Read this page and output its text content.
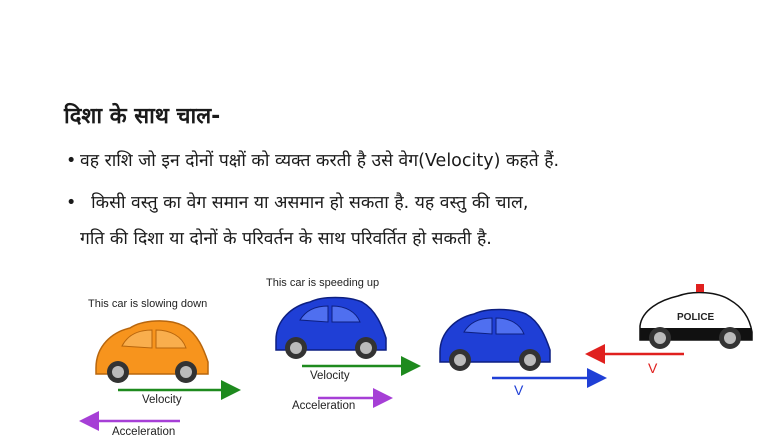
दिशा के साथ चाल-
• वह राशि जो इन दोनों पक्षों को व्यक्त करती है उसे वेग(Velocity) कहते हैं.
• किसी वस्तु का वेग समान या असमान हो सकता है. यह वस्तु की चाल,
गति की दिशा या दोनों के परिवर्तन के साथ परिवर्तित हो सकती है.
This car is slowing down
This car is speeding up
Velocity
Acceleration
Velocity
Acceleration
V
V
POLICE
